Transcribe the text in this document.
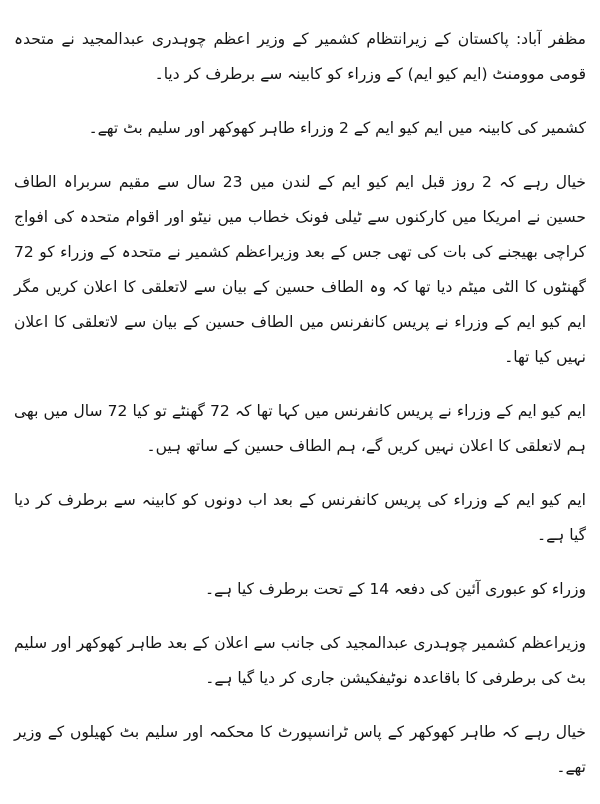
مظفر آباد: پاکستان کے زیرانتظام کشمیر کے وزیر اعظم چوہدری عبدالمجید نے متحدہ قومی موومنٹ (ایم کیو ایم) کے وزراء کو کابینہ سے برطرف کر دیا۔

کشمیر کی کابینہ میں ایم کیو ایم کے 2 وزراء طاہر کھوکھر اور سلیم بٹ تھے۔

خیال رہے کہ 2 روز قبل ایم کیو ایم کے لندن میں 23 سال سے مقیم سربراہ الطاف حسین نے امریکا میں کارکنوں سے ٹیلی فونک خطاب میں نیٹو اور اقوام متحدہ کی افواج کراچی بھیجنے کی بات کی تھی جس کے بعد وزیراعظم کشمیر نے متحدہ کے وزراء کو 72 گھنٹوں کا الٹی میٹم دیا تھا کہ وہ الطاف حسین کے بیان سے لاتعلقی کا اعلان کریں مگر ایم کیو ایم کے وزراء نے پریس کانفرنس میں الطاف حسین کے بیان سے لاتعلقی کا اعلان نہیں کیا تھا۔

ایم کیو ایم کے وزراء نے پریس کانفرنس میں کہا تھا کہ 72 گھنٹے تو کیا 72 سال میں بھی ہم لاتعلقی کا اعلان نہیں کریں گے، ہم الطاف حسین کے ساتھ ہیں۔

ایم کیو ایم کے وزراء کی پریس کانفرنس کے بعد اب دونوں کو کابینہ سے برطرف کر دیا گیا ہے۔

وزراء کو عبوری آئین کی دفعہ 14 کے تحت برطرف کیا ہے۔

وزیراعظم کشمیر چوہدری عبدالمجید کی جانب سے اعلان کے بعد طاہر کھوکھر اور سلیم بٹ کی برطرفی کا باقاعدہ نوٹیفکیشن جاری کر دیا گیا ہے۔

خیال رہے کہ طاہر کھوکھر کے پاس ٹرانسپورٹ کا محکمہ اور سلیم بٹ کھیلوں کے وزیر تھے۔
